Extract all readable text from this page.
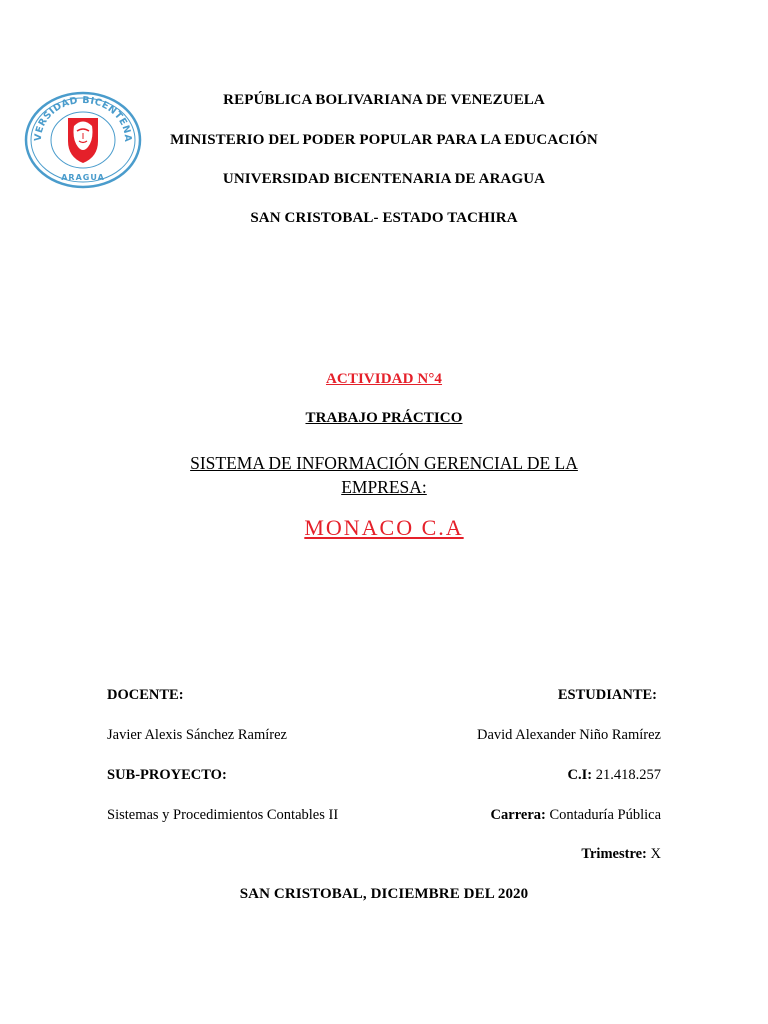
VERSIDAD BICENTENA
ARAGUA
REPÚBLICA BOLIVARIANA DE VENEZUELA
MINISTERIO DEL PODER POPULAR PARA LA EDUCACIÓN
UNIVERSIDAD BICENTENARIA DE ARAGUA
SAN CRISTOBAL- ESTADO TACHIRA
ACTIVIDAD N°4
TRABAJO PRÁCTICO
SISTEMA DE INFORMACIÓN GERENCIAL DE LA
EMPRESA:
MONACO C.A
DOCENTE:
Javier Alexis Sánchez Ramírez
SUB-PROYECTO:
Sistemas y Procedimientos Contables II
ESTUDIANTE:
David Alexander Niño Ramírez
C.I: 21.418.257
Carrera: Contaduría Pública
Trimestre: X
SAN CRISTOBAL, DICIEMBRE DEL 2020
